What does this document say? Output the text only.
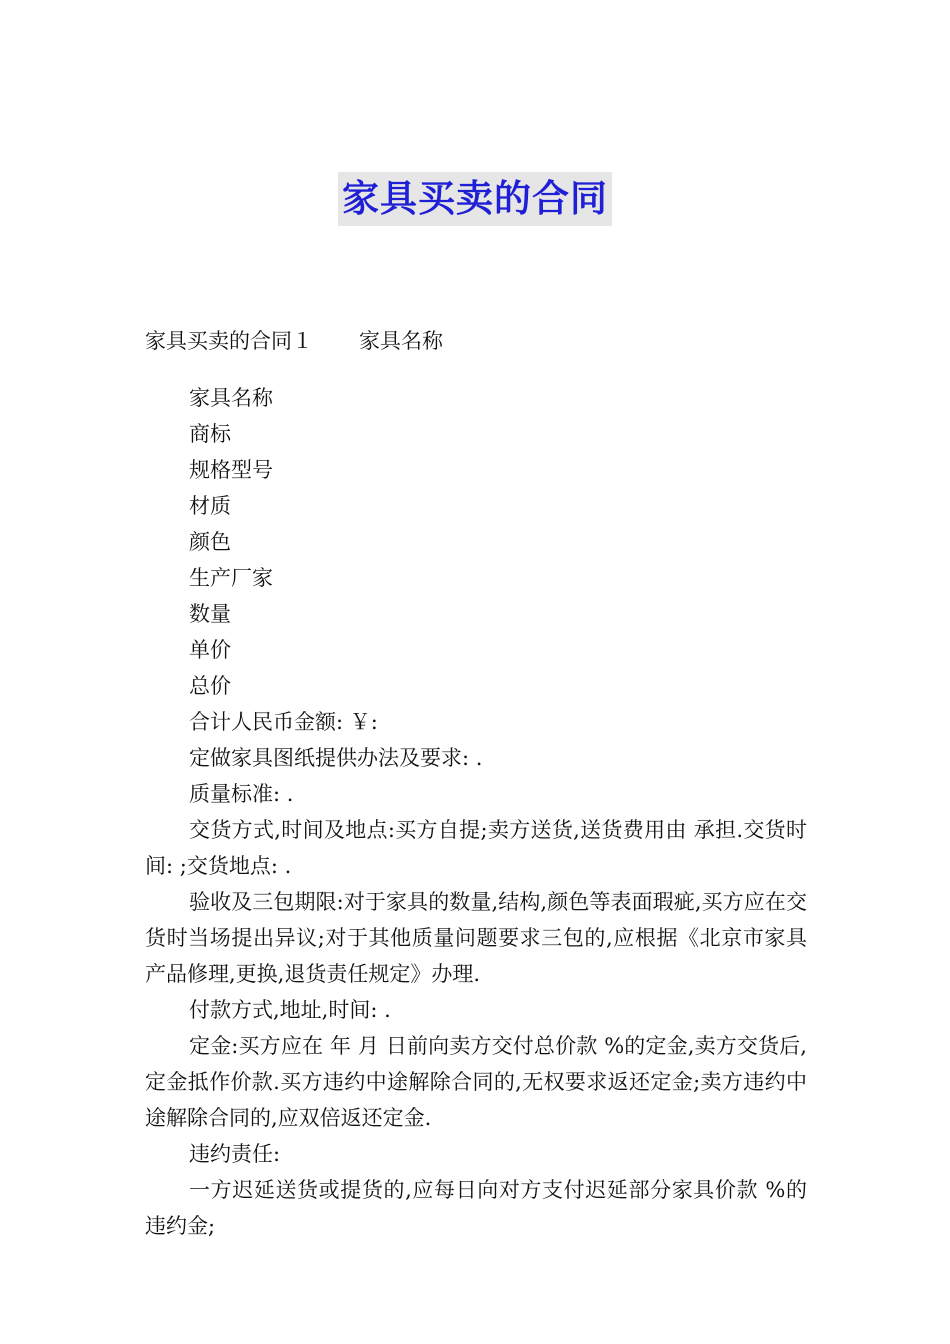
家具买卖的合同

家具买卖的合同１ 家具名称

家具名称

商标

规格型号

材质

颜色

生产厂家

数量

单价

总价

合计人民币金额: ￥:

定做家具图纸提供办法及要求: .

质量标准: .

交货方式,时间及地点:买方自提;卖方送货,送货费用由 承担.交货时间: ;交货地点: .

验收及三包期限:对于家具的数量,结构,颜色等表面瑕疵,买方应在交货时当场提出异议;对于其他质量问题要求三包的,应根据《北京市家具产品修理,更换,退货责任规定》办理.

付款方式,地址,时间: .

定金:买方应在 年 月 日前向卖方交付总价款 %的定金,卖方交货后,定金抵作价款.买方违约中途解除合同的,无权要求返还定金;卖方违约中途解除合同的,应双倍返还定金.

违约责任:

一方迟延送货或提货的,应每日向对方支付迟延部分家具价款 %的违约金;
